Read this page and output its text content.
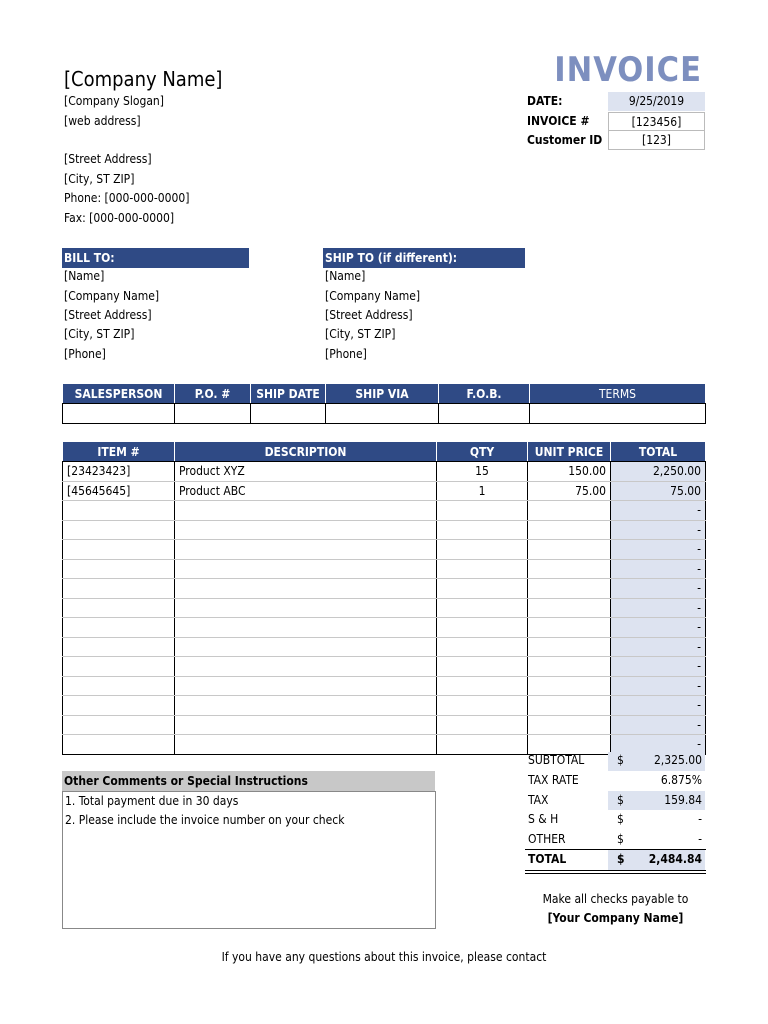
[Company Name]
[Company Slogan]
[web address]
[Street Address]
[City, ST ZIP]
Phone: [000-000-0000]
Fax: [000-000-0000]
INVOICE
DATE:	9/25/2019
INVOICE #	[123456]
Customer ID	[123]
BILL TO:
[Name]
[Company Name]
[Street Address]
[City, ST ZIP]
[Phone]
SHIP TO (if different):
[Name]
[Company Name]
[Street Address]
[City, ST ZIP]
[Phone]
SALESPERSON	P.O. #	SHIP DATE	SHIP VIA	F.O.B.	TERMS

ITEM #	DESCRIPTION	QTY	UNIT PRICE	TOTAL
[23423423]	Product XYZ	15	150.00	2,250.00
[45645645]	Product ABC	1	75.00	75.00
				-
				-
				-
				-
				-
				-
				-
				-
				-
				-
				-
				-
				-
Other Comments or Special Instructions
1. Total payment due in 30 days
2. Please include the invoice number on your check
SUBTOTAL	$	2,325.00
TAX RATE	6.875%
TAX	$	159.84
S & H	$	-
OTHER	$	-
TOTAL	$ 2,484.84
Make all checks payable to
[Your Company Name]
If you have any questions about this invoice, please contact
